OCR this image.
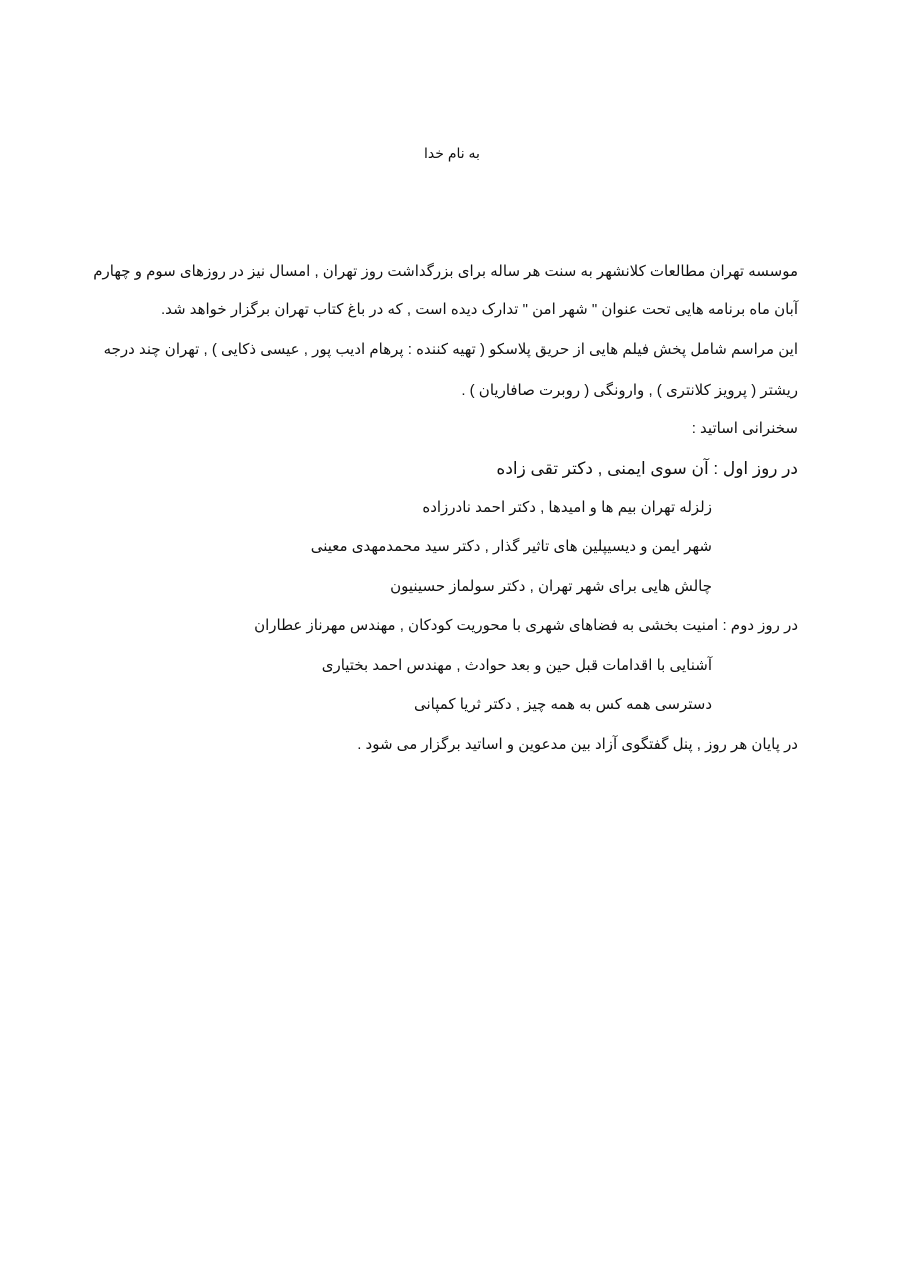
به نام خدا
موسسه تهران مطالعات کلانشهر به سنت هر ساله برای بزرگداشت روز تهران , امسال نیز در روزهای سوم و چهارم
آبان ماه برنامه هایی تحت عنوان " شهر امن " تدارک دیده است , که در باغ کتاب تهران برگزار خواهد شد.
این مراسم شامل پخش فیلم هایی از حریق پلاسکو ( تهیه کننده : پرهام ادیب پور , عیسی ذکایی ) , تهران چند درجه
ریشتر ( پرویز کلانتری ) , وارونگی ( روبرت صافاریان ) .
سخنرانی اساتید :
در روز اول : آن سوی ایمنی , دکتر تقی زاده
زلزله تهران بیم ها و امیدها , دکتر احمد نادرزاده
شهر ایمن و دیسیپلین های تاثیر گذار , دکتر سید محمدمهدی معینی
چالش هایی برای شهر تهران , دکتر سولماز حسینیون
در روز دوم : امنیت بخشی به فضاهای شهری با محوریت کودکان , مهندس مهرناز عطاران
آشنایی با اقدامات قبل حین و بعد حوادث , مهندس احمد بختیاری
دسترسی همه کس به همه چیز , دکتر ثریا کمپانی
در پایان هر روز , پنل گفتگوی آزاد بین مدعوین و اساتید برگزار می شود .
